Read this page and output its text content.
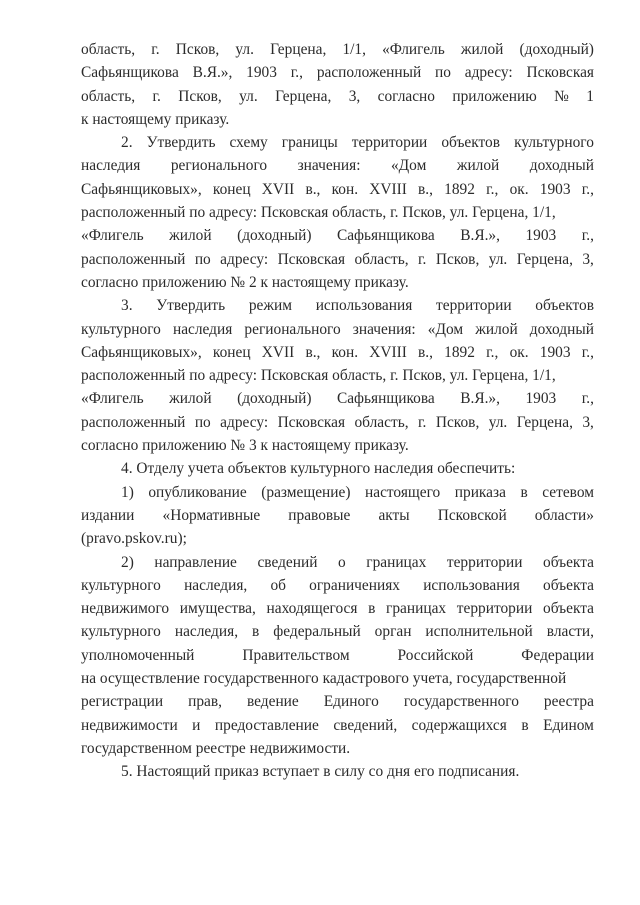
область, г. Псков, ул. Герцена, 1/1, «Флигель жилой (доходный)
Сафьянщикова В.Я.», 1903 г., расположенный по адресу: Псковская
область, г. Псков, ул. Герцена, 3, согласно приложению № 1
к настоящему приказу.
2. Утвердить схему границы территории объектов культурного
наследия регионального значения: «Дом жилой доходный
Сафьянщиковых», конец XVII в., кон. XVIII в., 1892 г., ок. 1903 г.,
расположенный по адресу: Псковская область, г. Псков, ул. Герцена, 1/1,
«Флигель жилой (доходный) Сафьянщикова В.Я.», 1903 г.,
расположенный по адресу: Псковская область, г. Псков, ул. Герцена, 3,
согласно приложению № 2 к настоящему приказу.
3. Утвердить режим использования территории объектов
культурного наследия регионального значения: «Дом жилой доходный
Сафьянщиковых», конец XVII в., кон. XVIII в., 1892 г., ок. 1903 г.,
расположенный по адресу: Псковская область, г. Псков, ул. Герцена, 1/1,
«Флигель жилой (доходный) Сафьянщикова В.Я.», 1903 г.,
расположенный по адресу: Псковская область, г. Псков, ул. Герцена, 3,
согласно приложению № 3 к настоящему приказу.
4. Отделу учета объектов культурного наследия обеспечить:
1) опубликование (размещение) настоящего приказа в сетевом
издании «Нормативные правовые акты Псковской области»
(pravo.pskov.ru);
2) направление сведений о границах территории объекта
культурного наследия, об ограничениях использования объекта
недвижимого имущества, находящегося в границах территории объекта
культурного наследия, в федеральный орган исполнительной власти,
уполномоченный	Правительством	Российской	Федерации
на осуществление государственного кадастрового учета, государственной
регистрации прав, ведение Единого государственного реестра
недвижимости и предоставление сведений, содержащихся в Едином
государственном реестре недвижимости.
5. Настоящий приказ вступает в силу со дня его подписания.
